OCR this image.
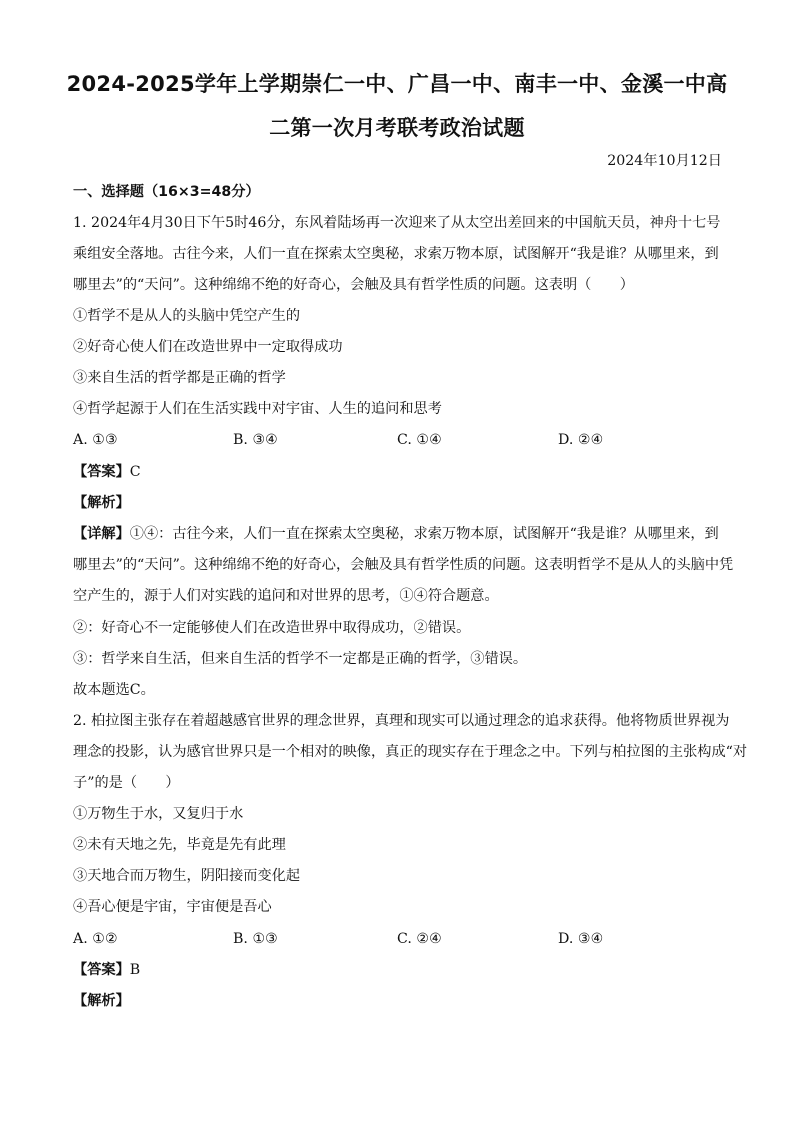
2024-2025学年上学期崇仁一中、广昌一中、南丰一中、金溪一中高
二第一次月考联考政治试题
2024年10月12日
一、选择题（16×3=48分）
1. 2024年4月30日下午5时46分，东风着陆场再一次迎来了从太空出差回来的中国航天员，神舟十七号
乘组安全落地。古往今来，人们一直在探索太空奥秘，求索万物本原，试图解开“我是谁？从哪里来，到
哪里去”的“天问”。这种绵绵不绝的好奇心，会触及具有哲学性质的问题。这表明（　　）
①哲学不是从人的头脑中凭空产生的
②好奇心使人们在改造世界中一定取得成功
③来自生活的哲学都是正确的哲学
④哲学起源于人们在生活实践中对宇宙、人生的追问和思考
A. ①③	B. ③④	C. ①④	D. ②④
【答案】C
【解析】
【详解】①④：古往今来，人们一直在探索太空奥秘，求索万物本原，试图解开“我是谁？从哪里来，到
哪里去”的“天问”。这种绵绵不绝的好奇心，会触及具有哲学性质的问题。这表明哲学不是从人的头脑中凭
空产生的，源于人们对实践的追问和对世界的思考，①④符合题意。
②：好奇心不一定能够使人们在改造世界中取得成功，②错误。
③：哲学来自生活，但来自生活的哲学不一定都是正确的哲学，③错误。
故本题选C。
2. 柏拉图主张存在着超越感官世界的理念世界，真理和现实可以通过理念的追求获得。他将物质世界视为
理念的投影，认为感官世界只是一个相对的映像，真正的现实存在于理念之中。下列与柏拉图的主张构成“对
子”的是（　　）
①万物生于水，又复归于水
②未有天地之先，毕竟是先有此理
③天地合而万物生，阴阳接而变化起
④吾心便是宇宙，宇宙便是吾心
A. ①②	B. ①③	C. ②④	D. ③④
【答案】B
【解析】
